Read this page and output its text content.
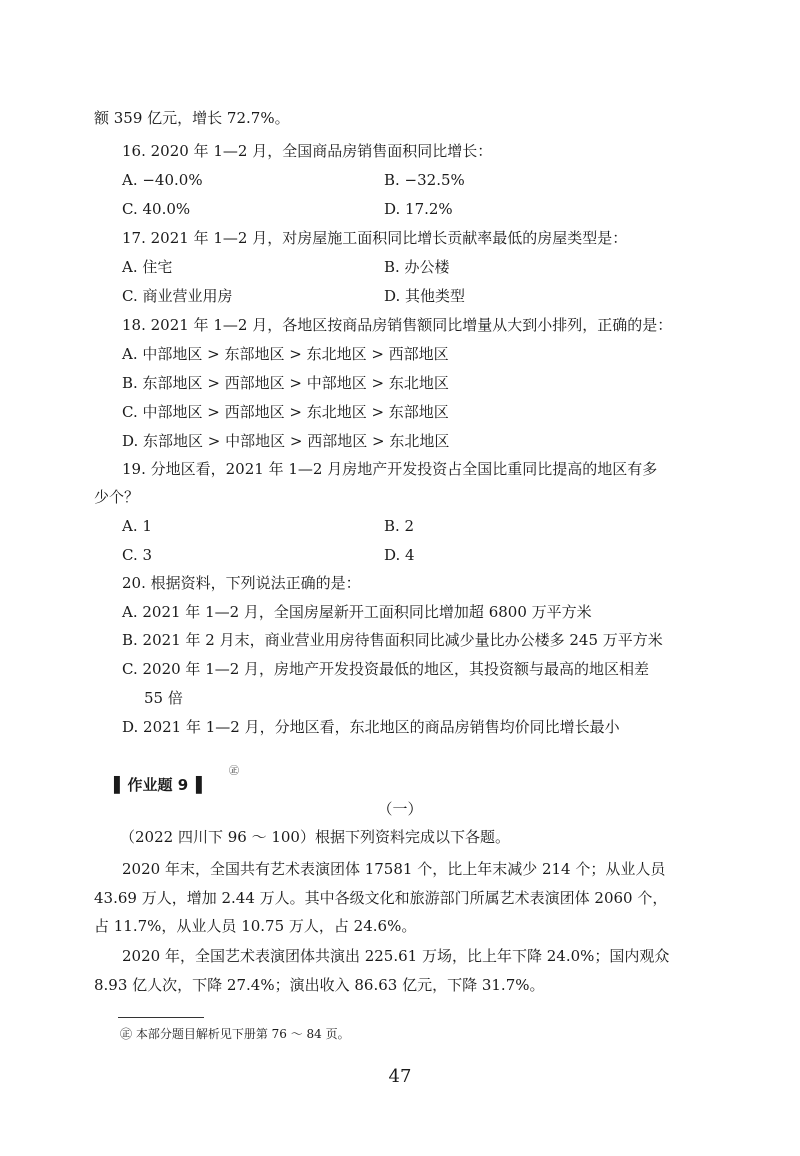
额 359 亿元，增长 72.7%。
16. 2020 年 1—2 月，全国商品房销售面积同比增长：
A. −40.0%	B. −32.5%
C. 40.0%	D. 17.2%
17. 2021 年 1—2 月，对房屋施工面积同比增长贡献率最低的房屋类型是：
A. 住宅	B. 办公楼
C. 商业营业用房	D. 其他类型
18. 2021 年 1—2 月，各地区按商品房销售额同比增量从大到小排列，正确的是：
A. 中部地区 > 东部地区 > 东北地区 > 西部地区
B. 东部地区 > 西部地区 > 中部地区 > 东北地区
C. 中部地区 > 西部地区 > 东北地区 > 东部地区
D. 东部地区 > 中部地区 > 西部地区 > 东北地区
19. 分地区看，2021 年 1—2 月房地产开发投资占全国比重同比提高的地区有多
少个？
A. 1	B. 2
C. 3	D. 4
20. 根据资料，下列说法正确的是：
A. 2021 年 1—2 月，全国房屋新开工面积同比增加超 6800 万平方米
B. 2021 年 2 月末，商业营业用房待售面积同比减少量比办公楼多 245 万平方米
C. 2020 年 1—2 月，房地产开发投资最低的地区，其投资额与最高的地区相差
55 倍
D. 2021 年 1—2 月，分地区看，东北地区的商品房销售均价同比增长最小
▌ 作业题 9 ▐
㊣
（一）
（2022 四川下 96 ～ 100）根据下列资料完成以下各题。
2020 年末，全国共有艺术表演团体 17581 个，比上年末减少 214 个；从业人员
43.69 万人，增加 2.44 万人。其中各级文化和旅游部门所属艺术表演团体 2060 个，
占 11.7%，从业人员 10.75 万人，占 24.6%。
2020 年，全国艺术表演团体共演出 225.61 万场，比上年下降 24.0%；国内观众
8.93 亿人次，下降 27.4%；演出收入 86.63 亿元，下降 31.7%。
㊣ 本部分题目解析见下册第 76 ～ 84 页。
47
